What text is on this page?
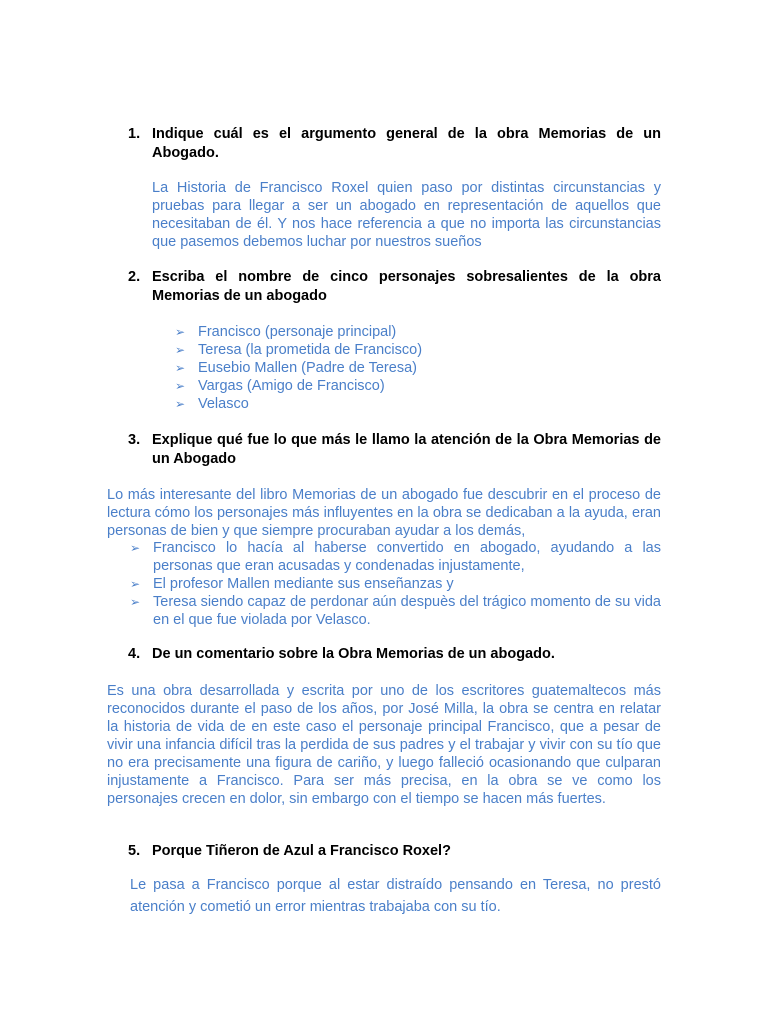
1. Indique cuál es el argumento general de la obra Memorias de un Abogado.

La Historia de Francisco Roxel quien paso por distintas circunstancias y pruebas para llegar a ser un abogado en representación de aquellos que necesitaban de él. Y nos hace referencia a que no importa las circunstancias que pasemos debemos luchar por nuestros sueños

2. Escriba el nombre de cinco personajes sobresalientes de la obra Memorias de un abogado
➢ Francisco (personaje principal)
➢ Teresa (la prometida de Francisco)
➢ Eusebio Mallen (Padre de Teresa)
➢ Vargas (Amigo de Francisco)
➢ Velasco
3. Explique qué fue lo que más le llamo la atención de la Obra Memorias de un Abogado

Lo más interesante del libro Memorias de un abogado fue descubrir en el proceso de lectura cómo los personajes más influyentes en la obra se dedicaban a la ayuda, eran personas de bien y que siempre procuraban ayudar a los demás,

➢ Francisco lo hacía al haberse convertido en abogado, ayudando a las personas que eran acusadas y condenadas injustamente,
➢ El profesor Mallen mediante sus enseñanzas y
➢ Teresa siendo capaz de perdonar aún despuès del trágico momento de su vida en el que fue violada por Velasco.
4. De un comentario sobre la Obra Memorias de un abogado.

Es una obra desarrollada y escrita por uno de los escritores guatemaltecos más reconocidos durante el paso de los años, por José Milla, la obra se centra en relatar la historia de vida de en este caso el personaje principal Francisco, que a pesar de vivir una infancia difícil tras la perdida de sus padres y el trabajar y vivir con su tío que no era precisamente una figura de cariño, y luego falleció ocasionando que culparan injustamente a Francisco. Para ser más precisa, en la obra se ve como los personajes crecen en dolor, sin embargo con el tiempo se hacen más fuertes.

5. Porque Tiñeron de Azul a Francisco Roxel?

Le pasa a Francisco porque al estar distraído pensando en Teresa, no prestó atención y cometió un error mientras trabajaba con su tío.
